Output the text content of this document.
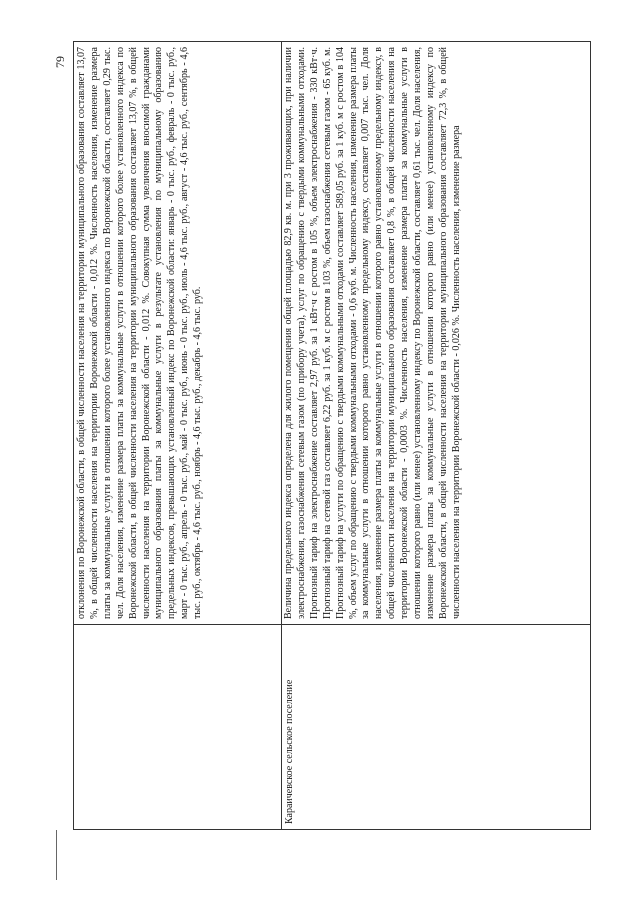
79 отклонения по Воронежской области, в общей численности населения на территории муниципального образования составляет 13,07 %, в общей численности населения на территории Воронежской области - 0,012 %. Численность населения, изменение размера платы за коммунальные услуги в отношении которого более установленного индекса по Воронежской области, составляет 0,29 тыс. чел. Доля населения, изменение размера платы за коммунальные услуги в отношении которого более установленного индекса по Воронежской области, в общей численности населения на территории муниципального образования составляет 13,07 %, в общей численности населения на территории Воронежской области - 0,012 %. Совокупная сумма увеличения вносимой гражданами муниципального образования платы за коммунальные услуги в результате установления по муниципальному образованию предельных индексов, превышающих установленный индекс по Воронежской области: январь - 0 тыс. руб., февраль - 0 тыс. руб., март - 0 тыс. руб., апрель - 0 тыс. руб., май - 0 тыс. руб., июнь - 0 тыс. руб., июль - 4,6 тыс. руб., август - 4,6 тыс. руб., сентябрь - 4,6 тыс. руб., октябрь - 4,6 тыс. руб., ноябрь - 4,6 тыс. руб., декабрь - 4,6 тыс. руб.
Караичевское сельское поселение
Величина предельного индекса определена для жилого помещения общей площадью 82,9 кв. м. при 3 проживающих, при наличии электроснабжения, газоснабжения сетевым газом (по прибору учета), услуг по обращению с твердыми коммунальными отходами. Прогнозный тариф на электроснабжение составляет 2,97 руб. за 1 кВт·ч с ростом в 105 %, объем электроснабжения - 330 кВт·ч. Прогнозный тариф на сетевой газ составляет 6,22 руб. за 1 куб. м с ростом в 103 %, объем газоснабжения сетевым газом - 65 куб. м. Прогнозный тариф на услуги по обращению с твердыми коммунальными отходами составляет 589,05 руб. за 1 куб. м с ростом в 104 %, объем услуг по обращению с твердыми коммунальными отходами - 0,6 куб. м. Численность населения, изменение размера платы за коммунальные услуги в отношении которого равно установленному предельному индексу, составляет 0,007 тыс. чел. Доля населения, изменение размера платы за коммунальные услуги в отношении которого равно установленному предельному индексу, в общей численности населения на территории муниципального образования составляет 0,8 %, в общей численности населения на территории Воронежской области - 0,0003 %. Численность населения, изменение размера платы за коммунальные услуги в отношении которого равно (или менее) установленному индексу по Воронежской области, составляет 0,61 тыс. чел. Доля населения, изменение размера платы за коммунальные услуги в отношении которого равно (или менее) установленному индексу по Воронежской области, в общей численности населения на территории муниципального образования составляет 72,3 %, в общей численности населения на территории Воронежской области - 0,026 %. Численность населения, изменение размера
